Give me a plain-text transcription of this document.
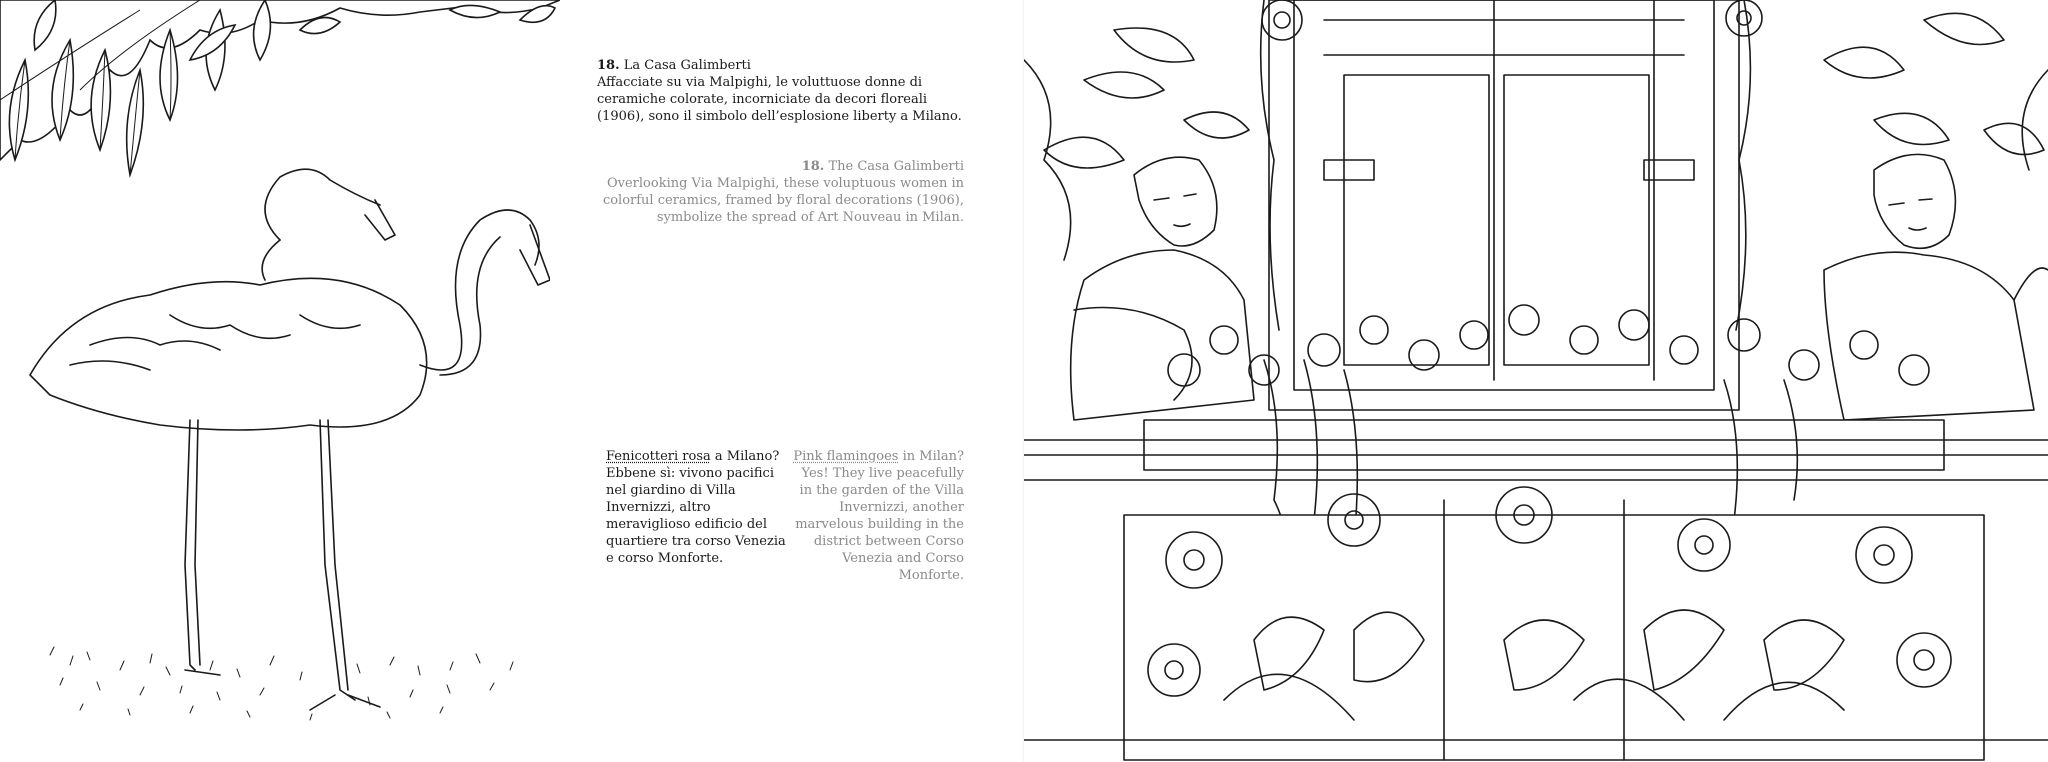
18. La Casa Galimberti
Affacciate su via Malpighi, le voluttuose donne di ceramiche colorate, incorniciate da decori floreali (1906), sono il simbolo dell’esplosione liberty a Milano.
18. The Casa Galimberti
Overlooking Via Malpighi, these voluptuous women in colorful ceramics, framed by floral decorations (1906), symbolize the spread of Art Nouveau in Milan.
Fenicotteri rosa a Milano? Ebbene sì: vivono pacifici nel giardino di Villa Invernizzi, altro meraviglioso edificio del quartiere tra corso Venezia e corso Monforte.
Pink flamingoes in Milan? Yes! They live peacefully in the garden of the Villa Invernizzi, another marvelous building in the district between Corso Venezia and Corso Monforte.
